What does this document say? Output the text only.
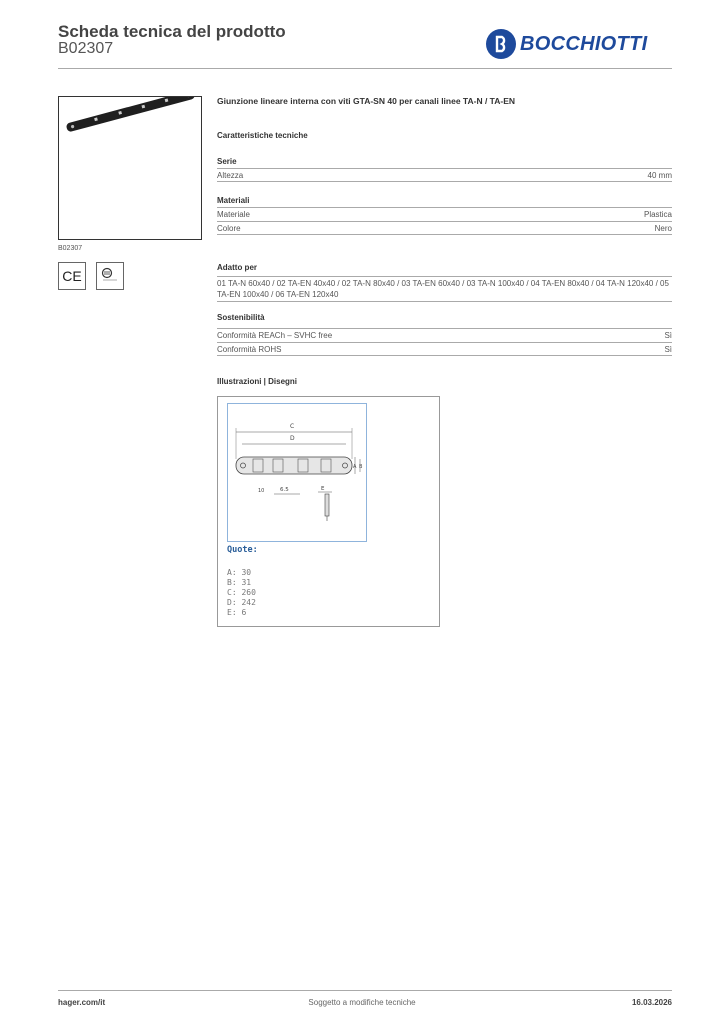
Scheda tecnica del prodotto
B02307	BOCCHIOTTI
B02307
CE
Giunzione lineare interna con viti GTA-SN 40 per canali linee TA-N / TA-EN
Caratteristiche tecniche
Serie
Altezza	40 mm
Materiali
Materiale	Plastica
Colore	Nero
Adatto per
01 TA-N 60x40 / 02 TA-EN 40x40 / 02 TA-N 80x40 / 03 TA-EN 60x40 / 03 TA-N 100x40 / 04 TA-EN 80x40 / 04 TA-N 120x40 / 05 TA-EN 100x40 / 06 TA-EN 120x40
Sostenibilità
Conformità REACh – SVHC free	Sì
Conformità ROHS	Sì
Illustrazioni | Disegni
C
D
A B
10	6.5	E
Quote:
A: 30
B: 31
C: 260
D: 242
E: 6
hager.com/it	Soggetto a modifiche tecniche	16.03.2026
